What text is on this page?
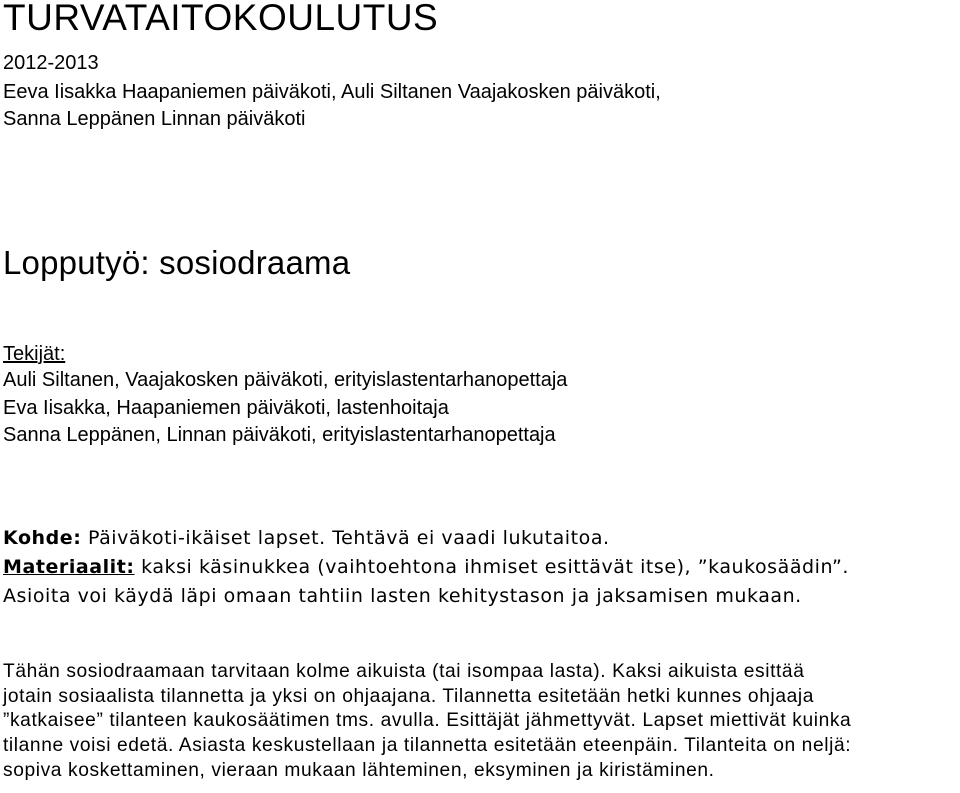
TURVATAITOKOULUTUS
2012-2013
Eeva Iisakka Haapaniemen päiväkoti, Auli Siltanen Vaajakosken päiväkoti,
Sanna Leppänen Linnan päiväkoti
Lopputyö: sosiodraama
Tekijät:
Auli Siltanen, Vaajakosken päiväkoti, erityislastentarhanopettaja
Eva Iisakka, Haapaniemen päiväkoti, lastenhoitaja
Sanna Leppänen, Linnan päiväkoti, erityislastentarhanopettaja
Kohde: Päiväkoti-ikäiset lapset. Tehtävä ei vaadi lukutaitoa.
Materiaalit: kaksi käsinukkea (vaihtoehtona ihmiset esittävät itse), ”kaukosäädin”.
Asioita voi käydä läpi omaan tahtiin lasten kehitystason ja jaksamisen mukaan.
Tähän sosiodraamaan tarvitaan kolme aikuista (tai isompaa lasta). Kaksi aikuista esittää
jotain sosiaalista tilannetta ja yksi on ohjaajana. Tilannetta esitetään hetki kunnes ohjaaja
”katkaisee” tilanteen kaukosäätimen tms. avulla. Esittäjät jähmettyvät. Lapset miettivät kuinka
tilanne voisi edetä. Asiasta keskustellaan ja tilannetta esitetään eteenpäin. Tilanteita on neljä:
sopiva koskettaminen, vieraan mukaan lähteminen, eksyminen ja kiristäminen.
